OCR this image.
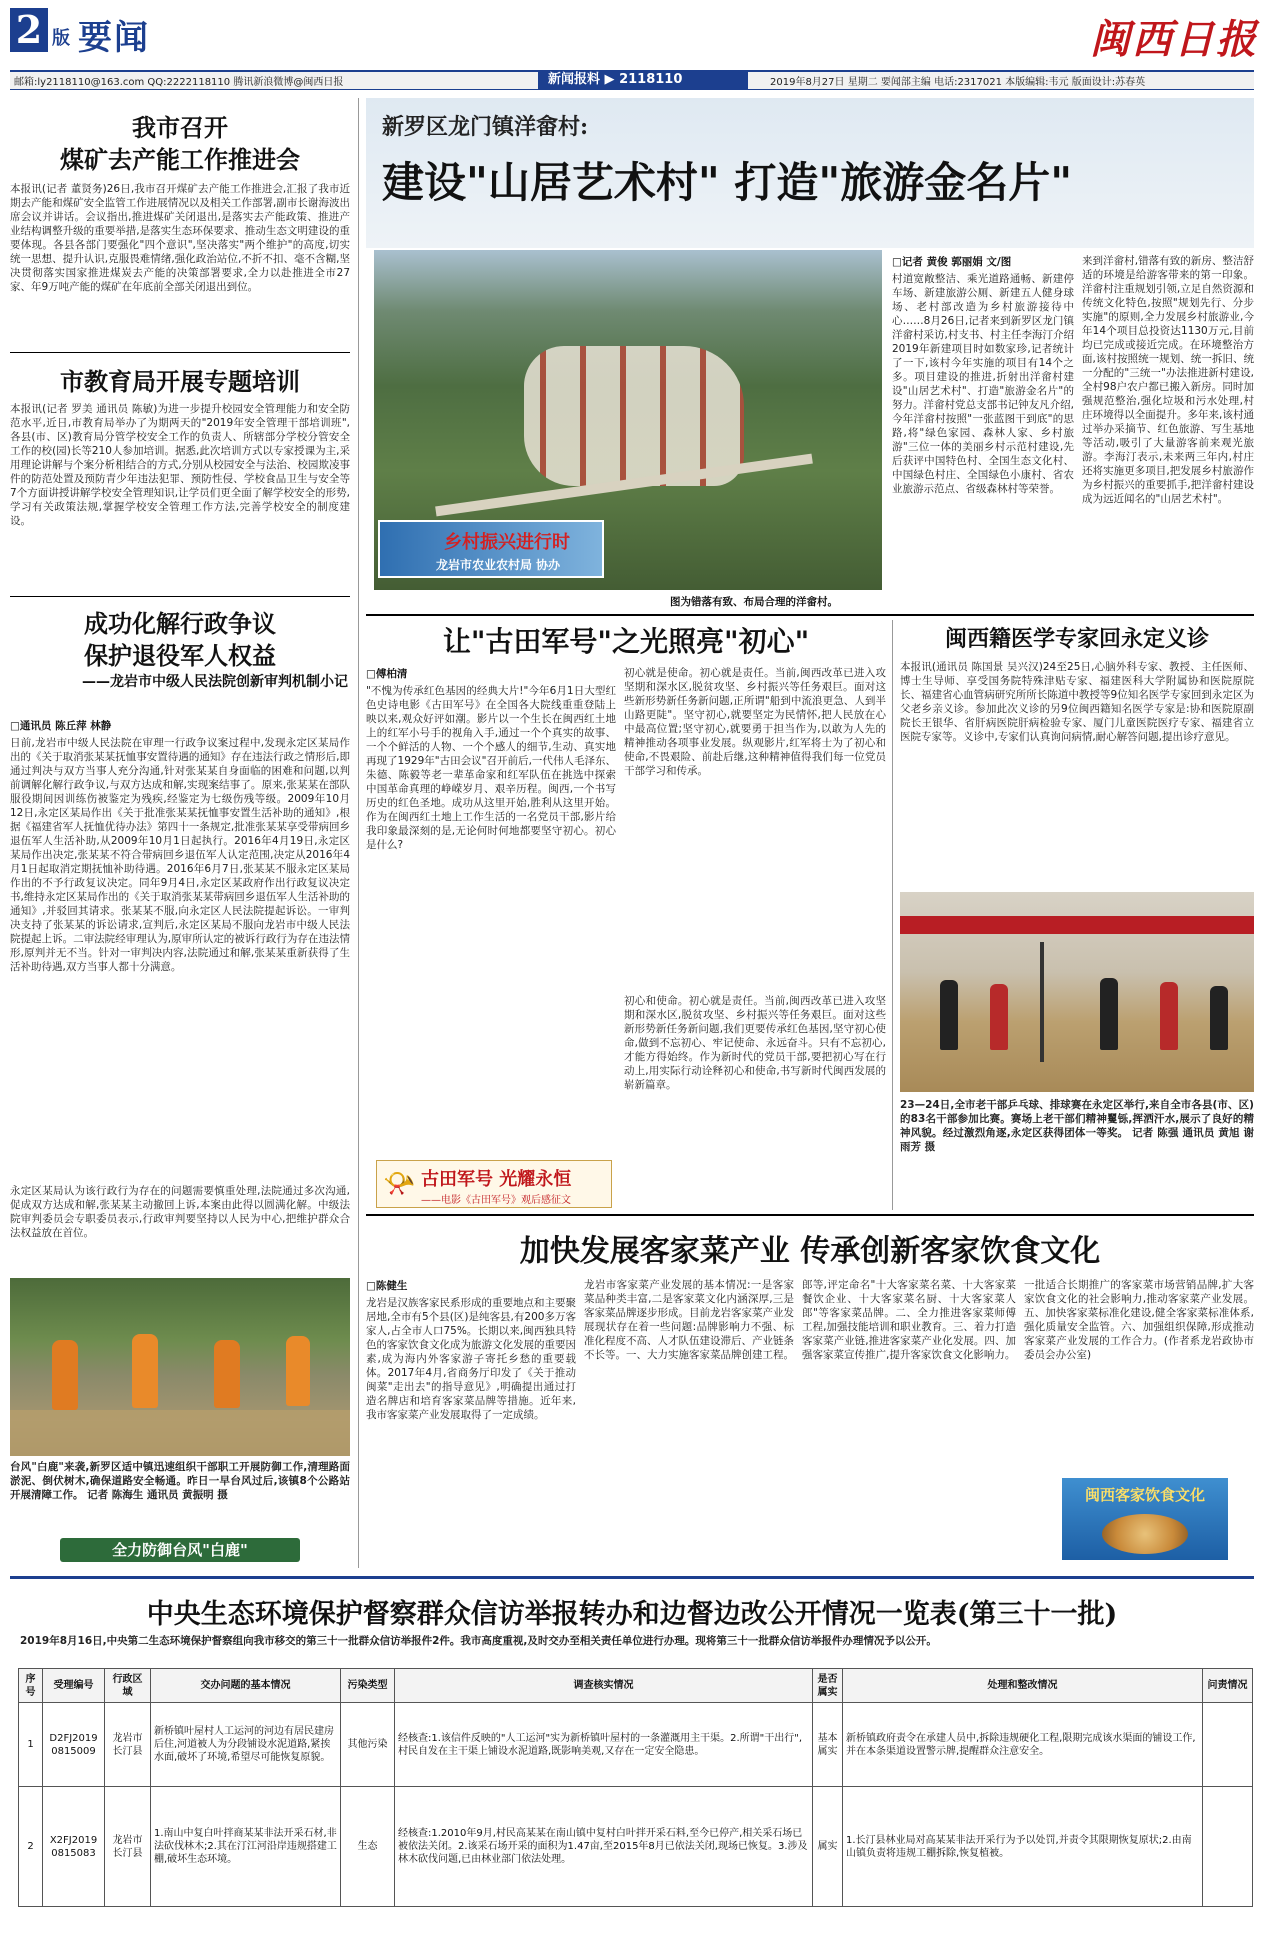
2 版 要闻	闽西日报
邮箱:ly2118110@163.com QQ:2222118110 腾讯新浪微博@闽西日报	新闻报料 ▶ 2118110	2019年8月27日 星期二 要闻部主编 电话:2317021 本版编辑:韦元 版面设计:苏春英
我市召开
煤矿去产能工作推进会
本报讯(记者 董贤务)26日,我市召开煤矿去产能工作推进会,汇报了我市近期去产能和煤矿安全监管工作进展情况以及相关工作部署,副市长谢海波出席会议并讲话。会议指出,推进煤矿关闭退出,是落实去产能政策、推进产业结构调整升级的重要举措,是落实生态环保要求、推动生态文明建设的重要体现。各县各部门要强化"四个意识",坚决落实"两个维护"的高度,切实统一思想、提升认识,克服畏难情绪,强化政治站位,不折不扣、毫不含糊,坚决贯彻落实国家推进煤炭去产能的决策部署要求,全力以赴推进全市27家、年9万吨产能的煤矿在年底前全部关闭退出到位。
市教育局开展专题培训
本报讯(记者 罗美 通讯员 陈敏)为进一步提升校园安全管理能力和安全防范水平,近日,市教育局举办了为期两天的"2019年安全管理干部培训班",各县(市、区)教育局分管学校安全工作的负责人、所辖部分学校分管安全工作的校(园)长等210人参加培训。据悉,此次培训方式以专家授课为主,采用理论讲解与个案分析相结合的方式,分别从校园安全与法治、校园欺凌事件的防范处置及预防青少年违法犯罪、预防性侵、学校食品卫生与安全等7个方面讲授讲解学校安全管理知识,让学员们更全面了解学校安全的形势,学习有关政策法规,掌握学校安全管理工作方法,完善学校安全的制度建设。
成功化解行政争议
保护退役军人权益
——龙岩市中级人民法院创新审判机制小记
□通讯员 陈丘萍 林静
日前,龙岩市中级人民法院在审理一行政争议案过程中,发现永定区某局作出的《关于取消张某某抚恤事安置待遇的通知》存在违法行政之情形后,即通过判决与双方当事人充分沟通,针对张某某自身面临的困难和问题,以判前调解化解行政争议,与双方达成和解,实现案结事了。原来,张某某在部队服役期间因训练伤被鉴定为残疾,经鉴定为七级伤残等级。2009年10月12日,永定区某局作出《关于批准张某某抚恤事安置生活补助的通知》,根据《福建省军人抚恤优待办法》第四十一条规定,批准张某某享受带病回乡退伍军人生活补助,从2009年10月1日起执行。2016年4月19日,永定区某局作出决定,张某某不符合带病回乡退伍军人认定范围,决定从2016年4月1日起取消定期抚恤补助待遇。2016年6月7日,张某某不服永定区某局作出的不予行政复议决定。同年9月4日,永定区某政府作出行政复议决定书,维持永定区某局作出的《关于取消张某某带病回乡退伍军人生活补助的通知》,并驳回其请求。张某某不服,向永定区人民法院提起诉讼。一审判决支持了张某某的诉讼请求,宣判后,永定区某局不服向龙岩市中级人民法院提起上诉。二审法院经审理认为,原审所认定的被诉行政行为存在违法情形,原判并无不当。针对一审判决内容,法院通过和解,张某某重新获得了生活补助待遇,双方当事人都十分满意。
永定区某局认为该行政行为存在的问题需要慎重处理,法院通过多次沟通,促成双方达成和解,张某某主动撤回上诉,本案由此得以圆满化解。中级法院审判委员会专职委员表示,行政审判要坚持以人民为中心,把维护群众合法权益放在首位。
台风"白鹿"来袭,新罗区适中镇迅速组织干部职工开展防御工作,清理路面淤泥、倒伏树木,确保道路安全畅通。昨日一早台风过后,该镇8个公路站开展清障工作。 记者 陈海生 通讯员 黄振明 摄
全力防御台风"白鹿"
新罗区龙门镇洋畲村:
建设"山居艺术村" 打造"旅游金名片"
乡村振兴进行时
龙岩市农业农村局 协办
图为错落有致、布局合理的洋畲村。
□记者 黄俊 郭丽娟 文/图
村道宽敞整洁、乘光道路通畅、新建停车场、新建旅游公厕、新建五人健身球场、老村部改造为乡村旅游接待中心……8月26日,记者来到新罗区龙门镇洋畲村采访,村支书、村主任李海汀介绍2019年新建项目时如数家珍,记者统计了一下,该村今年实施的项目有14个之多。项目建设的推进,折射出洋畲村建设"山居艺术村"、打造"旅游金名片"的努力。洋畲村党总支部书记钟友凡介绍,今年洋畲村按照"一张蓝图干到底"的思路,将"绿色家园、森林人家、乡村旅游"三位一体的美丽乡村示范村建设,先后获评中国特色村、全国生态文化村、中国绿色村庄、全国绿色小康村、省农业旅游示范点、省级森林村等荣誉。
来到洋畲村,错落有致的新房、整洁舒适的环境是给游客带来的第一印象。洋畲村注重规划引领,立足自然资源和传统文化特色,按照"规划先行、分步实施"的原则,全力发展乡村旅游业,今年14个项目总投资达1130万元,目前均已完成或接近完成。在环境整治方面,该村按照统一规划、统一拆旧、统一分配的"三统一"办法推进新村建设,全村98户农户都已搬入新房。同时加强规范整治,强化垃圾和污水处理,村庄环境得以全面提升。多年来,该村通过举办采摘节、红色旅游、写生基地等活动,吸引了大量游客前来观光旅游。李海汀表示,未来两三年内,村庄还将实施更多项目,把发展乡村旅游作为乡村振兴的重要抓手,把洋畲村建设成为远近闻名的"山居艺术村"。
让"古田军号"之光照亮"初心"
□傅柏清
"不愧为传承红色基因的经典大片!"今年6月1日大型红色史诗电影《古田军号》在全国各大院线重重登陆上映以来,观众好评如潮。影片以一个生长在闽西红土地上的红军小号手的视角入手,通过一个个真实的故事、一个个鲜活的人物、一个个感人的细节,生动、真实地再现了1929年"古田会议"召开前后,一代伟人毛泽东、朱德、陈毅等老一辈革命家和红军队伍在挑选中探索中国革命真理的峥嵘岁月、艰辛历程。闽西,一个书写历史的红色圣地。成功从这里开始,胜利从这里开始。作为在闽西红土地上工作生活的一名党员干部,影片给我印象最深刻的是,无论何时何地都要坚守初心。初心是什么?
初心就是使命。初心就是责任。当前,闽西改革已进入攻坚期和深水区,脱贫攻坚、乡村振兴等任务艰巨。面对这些新形势新任务新问题,正所谓"船到中流浪更急、人到半山路更陡"。坚守初心,就要坚定为民情怀,把人民放在心中最高位置;坚守初心,就要勇于担当作为,以敢为人先的精神推动各项事业发展。纵观影片,红军将士为了初心和使命,不畏艰险、前赴后继,这种精神值得我们每一位党员干部学习和传承。
初心和使命。初心就是责任。当前,闽西改革已进入攻坚期和深水区,脱贫攻坚、乡村振兴等任务艰巨。面对这些新形势新任务新问题,我们更要传承红色基因,坚守初心使命,做到不忘初心、牢记使命、永远奋斗。只有不忘初心,才能方得始终。作为新时代的党员干部,要把初心写在行动上,用实际行动诠释初心和使命,书写新时代闽西发展的崭新篇章。
📯 古田军号 光耀永恒
——电影《古田军号》观后感征文
闽西籍医学专家回永定义诊
本报讯(通讯员 陈国景 吴兴汉)24至25日,心脑外科专家、教授、主任医师、博士生导师、享受国务院特殊津贴专家、福建医科大学附属协和医院原院长、福建省心血管病研究所所长陈道中教授等9位知名医学专家回到永定区为父老乡亲义诊。参加此次义诊的另9位闽西籍知名医学专家是:协和医院原副院长王银华、省肝病医院肝病检验专家、厦门儿童医院医疗专家、福建省立医院专家等。义诊中,专家们认真询问病情,耐心解答问题,提出诊疗意见。
23—24日,全市老干部乒乓球、排球赛在永定区举行,来自全市各县(市、区)的83名干部参加比赛。赛场上老干部们精神矍铄,挥洒汗水,展示了良好的精神风貌。经过激烈角逐,永定区获得团体一等奖。 记者 陈强 通讯员 黄旭 谢雨芳 摄
加快发展客家菜产业 传承创新客家饮食文化
□陈健生
龙岩是汉族客家民系形成的重要地点和主要聚居地,全市有5个县(区)是纯客县,有200多万客家人,占全市人口75%。长期以来,闽西独具特色的客家饮食文化成为旅游文化发展的重要因素,成为海内外客家游子寄托乡愁的重要载体。2017年4月,省商务厅印发了《关于推动闽菜"走出去"的指导意见》,明确提出通过打造名牌店和培育客家菜品牌等措施。近年来,我市客家菜产业发展取得了一定成绩。
龙岩市客家菜产业发展的基本情况:一是客家菜品种类丰富,二是客家菜文化内涵深厚,三是客家菜品牌逐步形成。目前龙岩客家菜产业发展现状存在着一些问题:品牌影响力不强、标准化程度不高、人才队伍建设滞后、产业链条不长等。一、大力实施客家菜品牌创建工程。
郎等,评定命名"十大客家菜名菜、十大客家菜餐饮企业、十大客家菜名厨、十大客家菜人郎"等客家菜品牌。二、全力推进客家菜师傅工程,加强技能培训和职业教育。三、着力打造客家菜产业链,推进客家菜产业化发展。四、加强客家菜宣传推广,提升客家饮食文化影响力。
一批适合长期推广的客家菜市场营销品牌,扩大客家饮食文化的社会影响力,推动客家菜产业发展。五、加快客家菜标准化建设,健全客家菜标准体系,强化质量安全监管。六、加强组织保障,形成推动客家菜产业发展的工作合力。(作者系龙岩政协市委员会办公室)
闽西客家饮食文化
中央生态环境保护督察群众信访举报转办和边督边改公开情况一览表(第三十一批)
2019年8月16日,中央第二生态环境保护督察组向我市移交的第三十一批群众信访举报件2件。我市高度重视,及时交办至相关责任单位进行办理。现将第三十一批群众信访举报件办理情况予以公开。
序号	受理编号	行政区域	交办问题的基本情况	污染类型	调查核实情况	是否属实	处理和整改情况	问责情况
1	D2FJ2019 0815009	龙岩市长汀县	新桥镇叶屋村人工运河的河边有居民建房后住,河道被人为分段铺设水泥道路,紧挨水面,破坏了环境,希望尽可能恢复原貌。	其他污染	经核查:1.该信件反映的"人工运河"实为新桥镇叶屋村的一条灌溉用主干渠。2.所谓"干出行",村民自发在主干渠上铺设水泥道路,既影响美观,又存在一定安全隐患。	基本属实	新桥镇政府责令在承建人员中,拆除违规硬化工程,限期完成该水渠面的铺设工作,并在本条渠道设置警示牌,提醒群众注意安全。	
2	X2FJ2019 0815083	龙岩市长汀县	1.南山中复白叶拌商某某非法开采石材,非法砍伐林木;2.其在汀江河沿岸违规搭建工棚,破坏生态环境。	生态	经核查:1.2010年9月,村民高某某在南山镇中复村白叶拌开采石料,至今已停产,相关采石场已被依法关闭。2.该采石场开采的面积为1.47亩,至2015年8月已依法关闭,现场已恢复。3.涉及林木砍伐问题,已由林业部门依法处理。	属实	1.长汀县林业局对高某某非法开采行为予以处罚,并责令其限期恢复原状;2.由南山镇负责将违规工棚拆除,恢复植被。	
